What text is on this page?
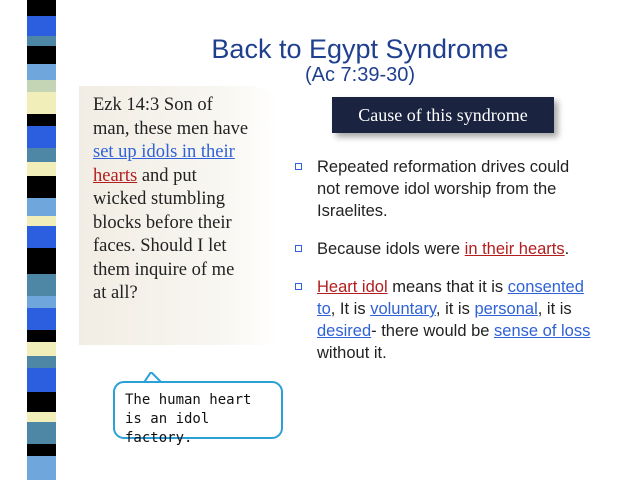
Back to Egypt Syndrome
(Ac 7:39-30)
Ezk 14:3 Son of
man, these men have
set up idols in their
hearts and put
wicked stumbling
blocks before their
faces. Should I let
them inquire of me
at all?
Cause of this syndrome
Repeated reformation drives could
not remove idol worship from the
Israelites.
Because idols were in their hearts.
Heart idol means that it is consented
to, It is voluntary, it is personal, it is
desired- there would be sense of loss
without it.
The human heart
is an idol factory.
